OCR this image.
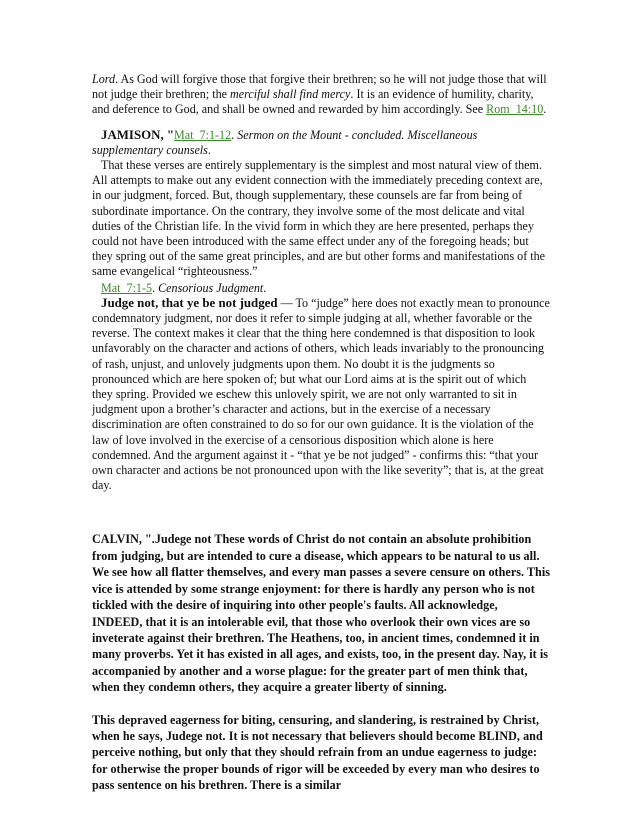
Lord. As God will forgive those that forgive their brethren; so he will not judge those that will not judge their brethren; the merciful shall find mercy. It is an evidence of humility, charity, and deference to God, and shall be owned and rewarded by him accordingly. See Rom_14:10.

JAMISON, "Mat_7:1-12. Sermon on the Mount - concluded. Miscellaneous supplementary counsels.

That these verses are entirely supplementary is the simplest and most natural view of them. All attempts to make out any evident connection with the immediately preceding context are, in our judgment, forced. But, though supplementary, these counsels are far from being of subordinate importance. On the contrary, they involve some of the most delicate and vital duties of the Christian life. In the vivid form in which they are here presented, perhaps they could not have been introduced with the same effect under any of the foregoing heads; but they spring out of the same great principles, and are but other forms and manifestations of the same evangelical “righteousness.”

Mat_7:1-5. Censorious Judgment.

Judge not, that ye be not judged — To “judge” here does not exactly mean to pronounce condemnatory judgment, nor does it refer to simple judging at all, whether favorable or the reverse. The context makes it clear that the thing here condemned is that disposition to look unfavorably on the character and actions of others, which leads invariably to the pronouncing of rash, unjust, and unlovely judgments upon them. No doubt it is the judgments so pronounced which are here spoken of; but what our Lord aims at is the spirit out of which they spring. Provided we eschew this unlovely spirit, we are not only warranted to sit in judgment upon a brother’s character and actions, but in the exercise of a necessary discrimination are often constrained to do so for our own guidance. It is the violation of the law of love involved in the exercise of a censorious disposition which alone is here condemned. And the argument against it - “that ye be not judged” - confirms this: “that your own character and actions be not pronounced upon with the like severity”; that is, at the great day.

CALVIN, ".Judege not These words of Christ do not contain an absolute prohibition from judging, but are intended to cure a disease, which appears to be natural to us all. We see how all flatter themselves, and every man passes a severe censure on others. This vice is attended by some strange enjoyment: for there is hardly any person who is not tickled with the desire of inquiring into other people's faults. All acknowledge, INDEED, that it is an intolerable evil, that those who overlook their own vices are so inveterate against their brethren. The Heathens, too, in ancient times, condemned it in many proverbs. Yet it has existed in all ages, and exists, too, in the present day. Nay, it is accompanied by another and a worse plague: for the greater part of men think that, when they condemn others, they acquire a greater liberty of sinning.

This depraved eagerness for biting, censuring, and slandering, is restrained by Christ, when he says, Judege not. It is not necessary that believers should become BLIND, and perceive nothing, but only that they should refrain from an undue eagerness to judge: for otherwise the proper bounds of rigor will be exceeded by every man who desires to pass sentence on his brethren. There is a similar
